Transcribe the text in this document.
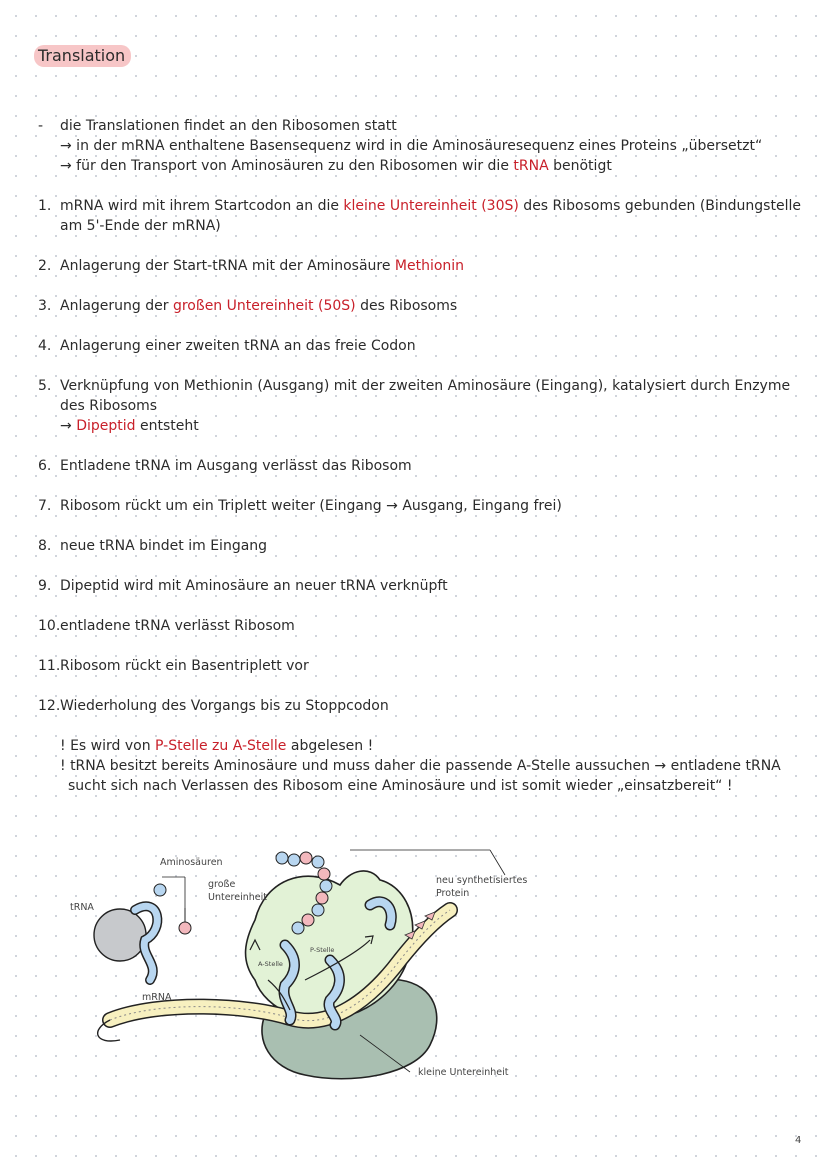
Translation
- die Translationen findet an den Ribosomen statt
→ in der mRNA enthaltene Basensequenz wird in die Aminosäuresequenz eines Proteins „übersetzt“
→ für den Transport von Aminosäuren zu den Ribosomen wir die tRNA benötigt
1. mRNA wird mit ihrem Startcodon an die kleine Untereinheit (30S) des Ribosoms gebunden (Bindungstelle
am 5'-Ende der mRNA)
2. Anlagerung der Start-tRNA mit der Aminosäure Methionin
3. Anlagerung der großen Untereinheit (50S) des Ribosoms
4. Anlagerung einer zweiten tRNA an das freie Codon
5. Verknüpfung von Methionin (Ausgang) mit der zweiten Aminosäure (Eingang), katalysiert durch Enzyme
des Ribosoms
→ Dipeptid entsteht
6. Entladene tRNA im Ausgang verlässt das Ribosom
7. Ribosom rückt um ein Triplett weiter (Eingang → Ausgang, Eingang frei)
8. neue tRNA bindet im Eingang
9. Dipeptid wird mit Aminosäure an neuer tRNA verknüpft
10. entladene tRNA verlässt Ribosom
11. Ribosom rückt ein Basentriplett vor
12. Wiederholung des Vorgangs bis zu Stoppcodon
! Es wird von P-Stelle zu A-Stelle abgelesen !
! tRNA besitzt bereits Aminosäure und muss daher die passende A-Stelle aussuchen → entladene tRNA
sucht sich nach Verlassen des Ribosom eine Aminosäure und ist somit wieder „einsatzbereit“ !
Aminosäuren
große
Untereinheit
tRNA
neu synthetisiertes
Protein
A-Stelle
P-Stelle
mRNA
kleine Untereinheit
4
